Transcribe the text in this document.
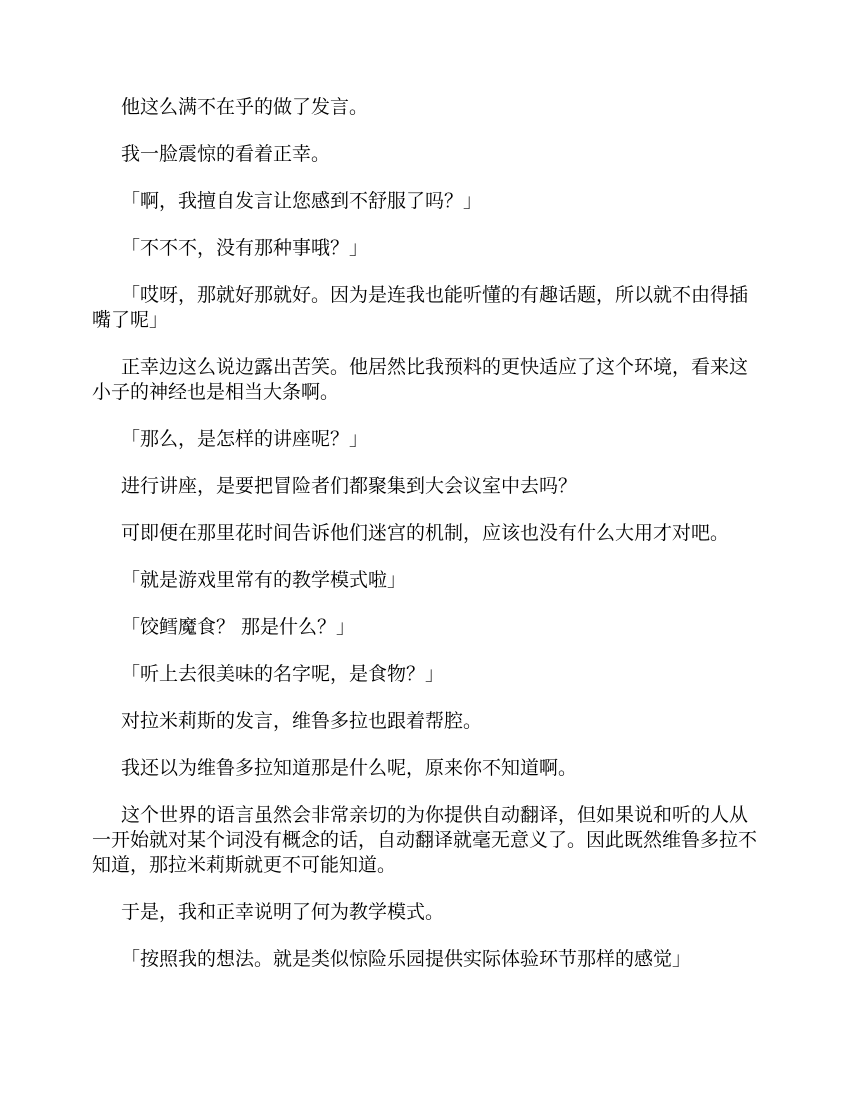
他这么满不在乎的做了发言。

我一脸震惊的看着正幸。

「啊，我擅自发言让您感到不舒服了吗？」

「不不不，没有那种事哦？」

「哎呀，那就好那就好。因为是连我也能听懂的有趣话题，所以就不由得插嘴了呢」

正幸边这么说边露出苦笑。他居然比我预料的更快适应了这个环境，看来这小子的神经也是相当大条啊。

「那么，是怎样的讲座呢？」

进行讲座，是要把冒险者们都聚集到大会议室中去吗？

可即便在那里花时间告诉他们迷宫的机制，应该也没有什么大用才对吧。

「就是游戏里常有的教学模式啦」

「饺鳕魔食？ 那是什么？」

「听上去很美味的名字呢，是食物？」

对拉米莉斯的发言，维鲁多拉也跟着帮腔。

我还以为维鲁多拉知道那是什么呢，原来你不知道啊。

这个世界的语言虽然会非常亲切的为你提供自动翻译，但如果说和听的人从一开始就对某个词没有概念的话，自动翻译就毫无意义了。因此既然维鲁多拉不知道，那拉米莉斯就更不可能知道。

于是，我和正幸说明了何为教学模式。

「按照我的想法。就是类似惊险乐园提供实际体验环节那样的感觉」
